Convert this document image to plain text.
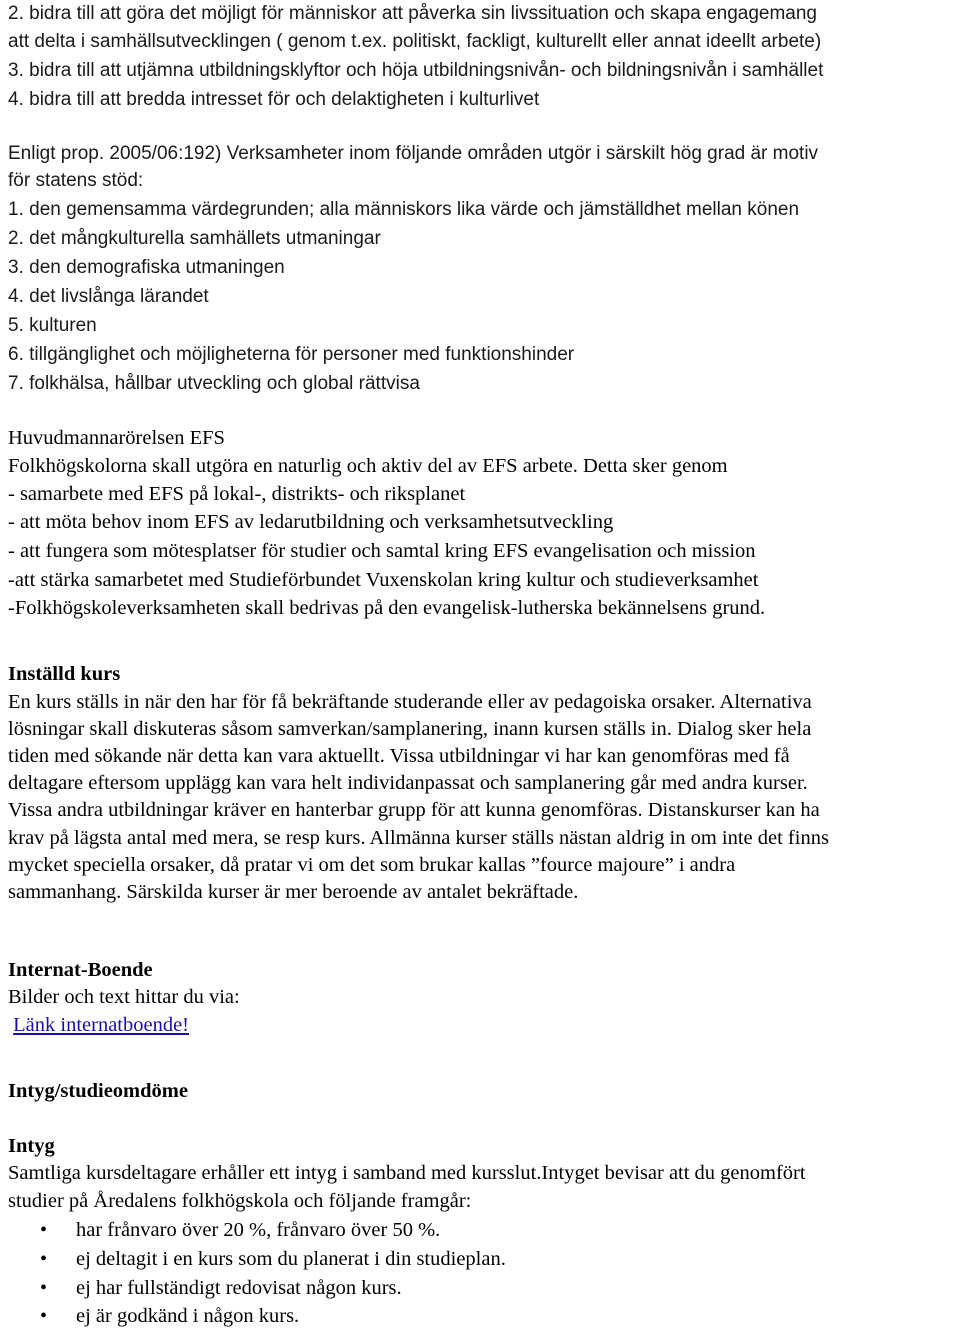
2. bidra till att göra det möjligt för människor att påverka sin livssituation och skapa engagemang
att delta i samhällsutvecklingen ( genom t.ex. politiskt, fackligt, kulturellt eller annat ideellt arbete)
3. bidra till att utjämna utbildningsklyftor och höja utbildningsnivån- och bildningsnivån i samhället
4. bidra till att bredda intresset för och delaktigheten i kulturlivet
Enligt prop. 2005/06:192) Verksamheter inom följande områden utgör i särskilt hög grad är motiv
för statens stöd:
1. den gemensamma värdegrunden; alla människors lika värde och jämställdhet mellan könen
2. det mångkulturella samhällets utmaningar
3. den demografiska utmaningen
4. det livslånga lärandet
5. kulturen
6. tillgänglighet och möjligheterna för personer med funktionshinder
7. folkhälsa, hållbar utveckling och global rättvisa
Huvudmannarörelsen EFS
Folkhögskolorna skall utgöra en naturlig och aktiv del av EFS arbete. Detta sker genom
- samarbete med EFS på lokal-, distrikts- och riksplanet
- att möta behov inom EFS av ledarutbildning och verksamhetsutveckling
- att fungera som mötesplatser för studier och samtal kring EFS evangelisation och mission
-att stärka samarbetet med Studieförbundet Vuxenskolan kring kultur och studieverksamhet
-Folkhögskoleverksamheten skall bedrivas på den evangelisk-lutherska bekännelsens grund.
Inställd kurs
En kurs ställs in när den har för få bekräftande studerande eller av pedagoiska orsaker. Alternativa
lösningar skall diskuteras såsom samverkan/samplanering, inann kursen ställs in. Dialog sker hela
tiden med sökande när detta kan vara aktuellt. Vissa utbildningar vi har kan genomföras med få
deltagare eftersom upplägg kan vara helt individanpassat och samplanering går med andra kurser.
Vissa andra utbildningar kräver en hanterbar grupp för att kunna genomföras. Distanskurser kan ha
krav på lägsta antal med mera, se resp kurs. Allmänna kurser ställs nästan aldrig in om inte det finns
mycket speciella orsaker, då pratar vi om det som brukar kallas ”fource majoure” i andra
sammanhang. Särskilda kurser är mer beroende av antalet bekräftade.
Internat-Boende
Bilder och text hittar du via:
Länk internatboende!
Intyg/studieomdöme
Intyg
Samtliga kursdeltagare erhåller ett intyg i samband med kursslut.Intyget bevisar att du genomfört
studier på Åredalens folkhögskola och följande framgår:
• har frånvaro över 20 %, frånvaro över 50 %.
• ej deltagit i en kurs som du planerat i din studieplan.
• ej har fullständigt redovisat någon kurs.
• ej är godkänd i någon kurs.
